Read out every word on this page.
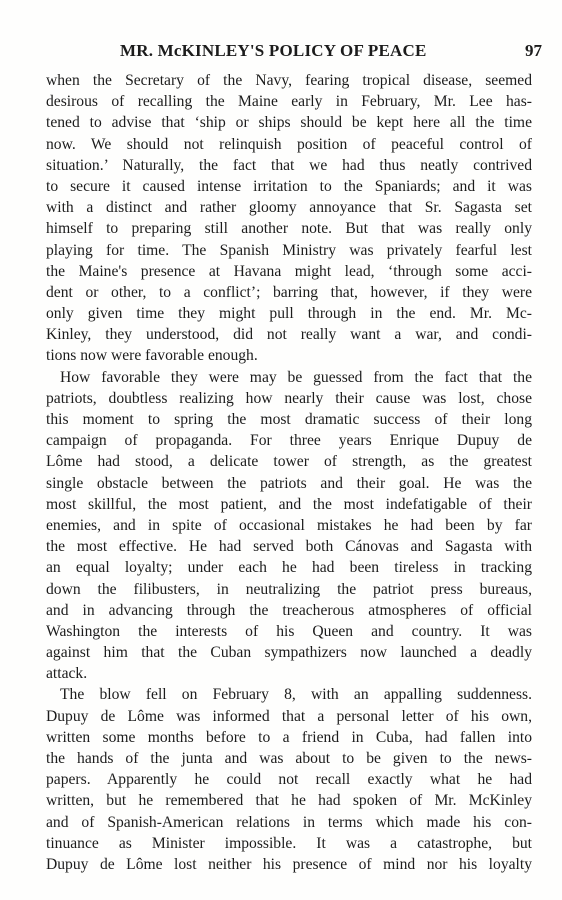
MR. McKINLEY'S POLICY OF PEACE	97
when the Secretary of the Navy, fearing tropical disease, seemed
desirous of recalling the Maine early in February, Mr. Lee has-
tened to advise that ‘ship or ships should be kept here all the time
now. We should not relinquish position of peaceful control of
situation.’ Naturally, the fact that we had thus neatly contrived
to secure it caused intense irritation to the Spaniards; and it was
with a distinct and rather gloomy annoyance that Sr. Sagasta set
himself to preparing still another note. But that was really only
playing for time. The Spanish Ministry was privately fearful lest
the Maine's presence at Havana might lead, ‘through some acci-
dent or other, to a conflict’; barring that, however, if they were
only given time they might pull through in the end. Mr. Mc-
Kinley, they understood, did not really want a war, and condi-
tions now were favorable enough.
How favorable they were may be guessed from the fact that the
patriots, doubtless realizing how nearly their cause was lost, chose
this moment to spring the most dramatic success of their long
campaign of propaganda. For three years Enrique Dupuy de
Lôme had stood, a delicate tower of strength, as the greatest
single obstacle between the patriots and their goal. He was the
most skillful, the most patient, and the most indefatigable of their
enemies, and in spite of occasional mistakes he had been by far
the most effective. He had served both Cánovas and Sagasta with
an equal loyalty; under each he had been tireless in tracking
down the filibusters, in neutralizing the patriot press bureaus,
and in advancing through the treacherous atmospheres of official
Washington the interests of his Queen and country. It was
against him that the Cuban sympathizers now launched a deadly
attack.
The blow fell on February 8, with an appalling suddenness.
Dupuy de Lôme was informed that a personal letter of his own,
written some months before to a friend in Cuba, had fallen into
the hands of the junta and was about to be given to the news-
papers. Apparently he could not recall exactly what he had
written, but he remembered that he had spoken of Mr. McKinley
and of Spanish-American relations in terms which made his con-
tinuance as Minister impossible. It was a catastrophe, but
Dupuy de Lôme lost neither his presence of mind nor his loyalty
